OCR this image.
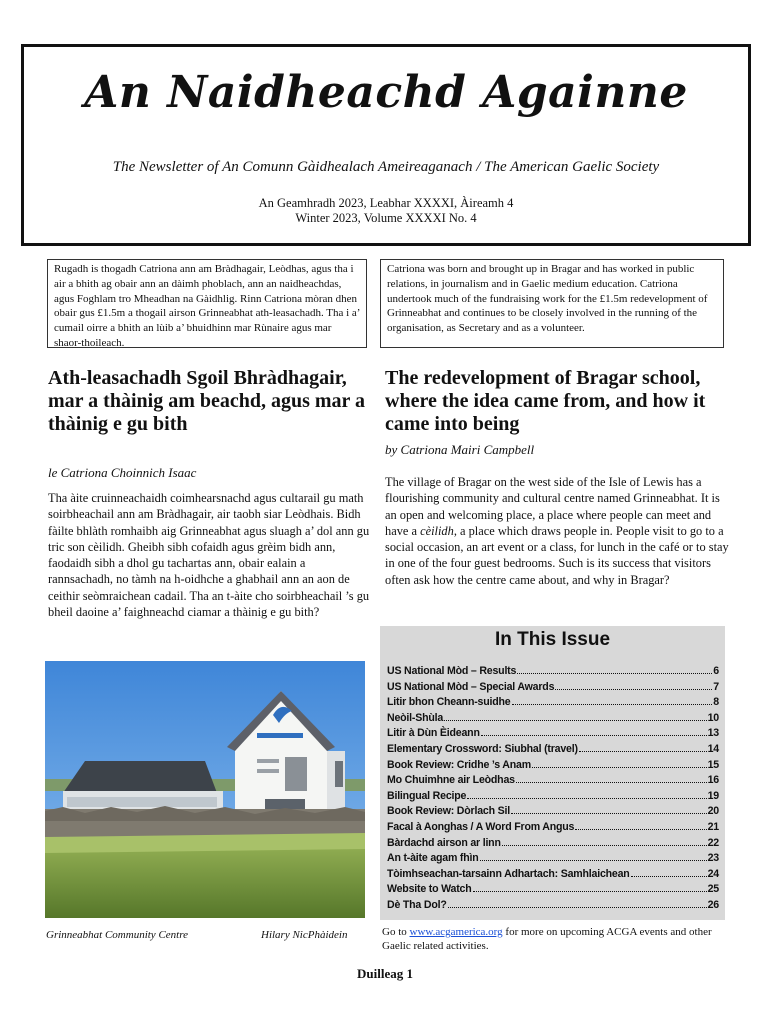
An Naidheachd Againne
The Newsletter of An Comunn Gàidhealach Ameireaganach / The American Gaelic Society
An Geamhradh 2023, Leabhar XXXXI, Àireamh 4
Winter 2023, Volume XXXXI No. 4
Rugadh is thogadh Catriona ann am Bràdhagair, Leòdhas, agus tha i air a bhith ag obair ann an dàimh phoblach, ann an naidheachdas, agus Foghlam tro Mheadhan na Gàidhlig. Rinn Catriona mòran dhen obair gus £1.5m a thogail airson Grinneabhat ath-leasachadh. Tha i a’ cumail oirre a bhith an lùib a’ bhuidhinn mar Rùnaire agus mar shaor-thoileach.
Catriona was born and brought up in Bragar and has worked in public relations, in journalism and in Gaelic medium education. Catriona undertook much of the fundraising work for the £1.5m redevelopment of Grinneabhat and continues to be closely involved in the running of the organisation, as Secretary and as a volunteer.
Ath-leasachadh Sgoil Bhràdhagair, mar a thàinig am beachd, agus mar a thàinig e gu bith
le Catriona Choinnich Isaac
Tha àite cruinneachaidh coimhearsnachd agus cultarail gu math soirbheachail ann am Bràdhagair, air taobh siar Leòdhais. Bidh fàilte bhlàth romhaibh aig Grinneabhat agus sluagh a’ dol ann gu tric son cèilidh. Gheibh sibh cofaidh agus grèim bidh ann, faodaidh sibh a dhol gu tachartas ann, obair ealain a rannsachadh, no tàmh na h-oidhche a ghabhail ann an aon de ceithir seòmraichean cadail. Tha an t-àite cho soirbheachail ’s gu bheil daoine a’ faighneachd ciamar a thàinig e gu bith?
The redevelopment of Bragar school, where the idea came from, and how it came into being
by Catriona Mairi Campbell
The village of Bragar on the west side of the Isle of Lewis has a flourishing community and cultural centre named Grinneabhat. It is an open and welcoming place, a place where people can meet and have a cèilidh, a place which draws people in. People visit to go to a social occasion, an art event or a class, for lunch in the café or to stay in one of the four guest bedrooms. Such is its success that visitors often ask how the centre came about, and why in Bragar?
Grinneabhat Community Centre	Hilary NicPhàidein
In This Issue
US National Mòd – Results	6
US National Mòd – Special Awards	7
Litir bhon Cheann-suidhe	8
Neòil-Shùla	10
Litir à Dùn Èideann	13
Elementary Crossword: Siubhal (travel)	14
Book Review: Cridhe ’s Anam	15
Mo Chuimhne air Leòdhas	16
Bilingual Recipe	19
Book Review: Dòrlach Sil	20
Facal à Aonghas / A Word From Angus	21
Bàrdachd airson ar linn	22
An t-àite agam fhìn	23
Tòimhseachan-tarsainn Adhartach: Samhlaichean	24
Website to Watch	25
Dè Tha Dol?	26
Go to www.acgamerica.org for more on upcoming ACGA events and other Gaelic related activities.
Duilleag 1
